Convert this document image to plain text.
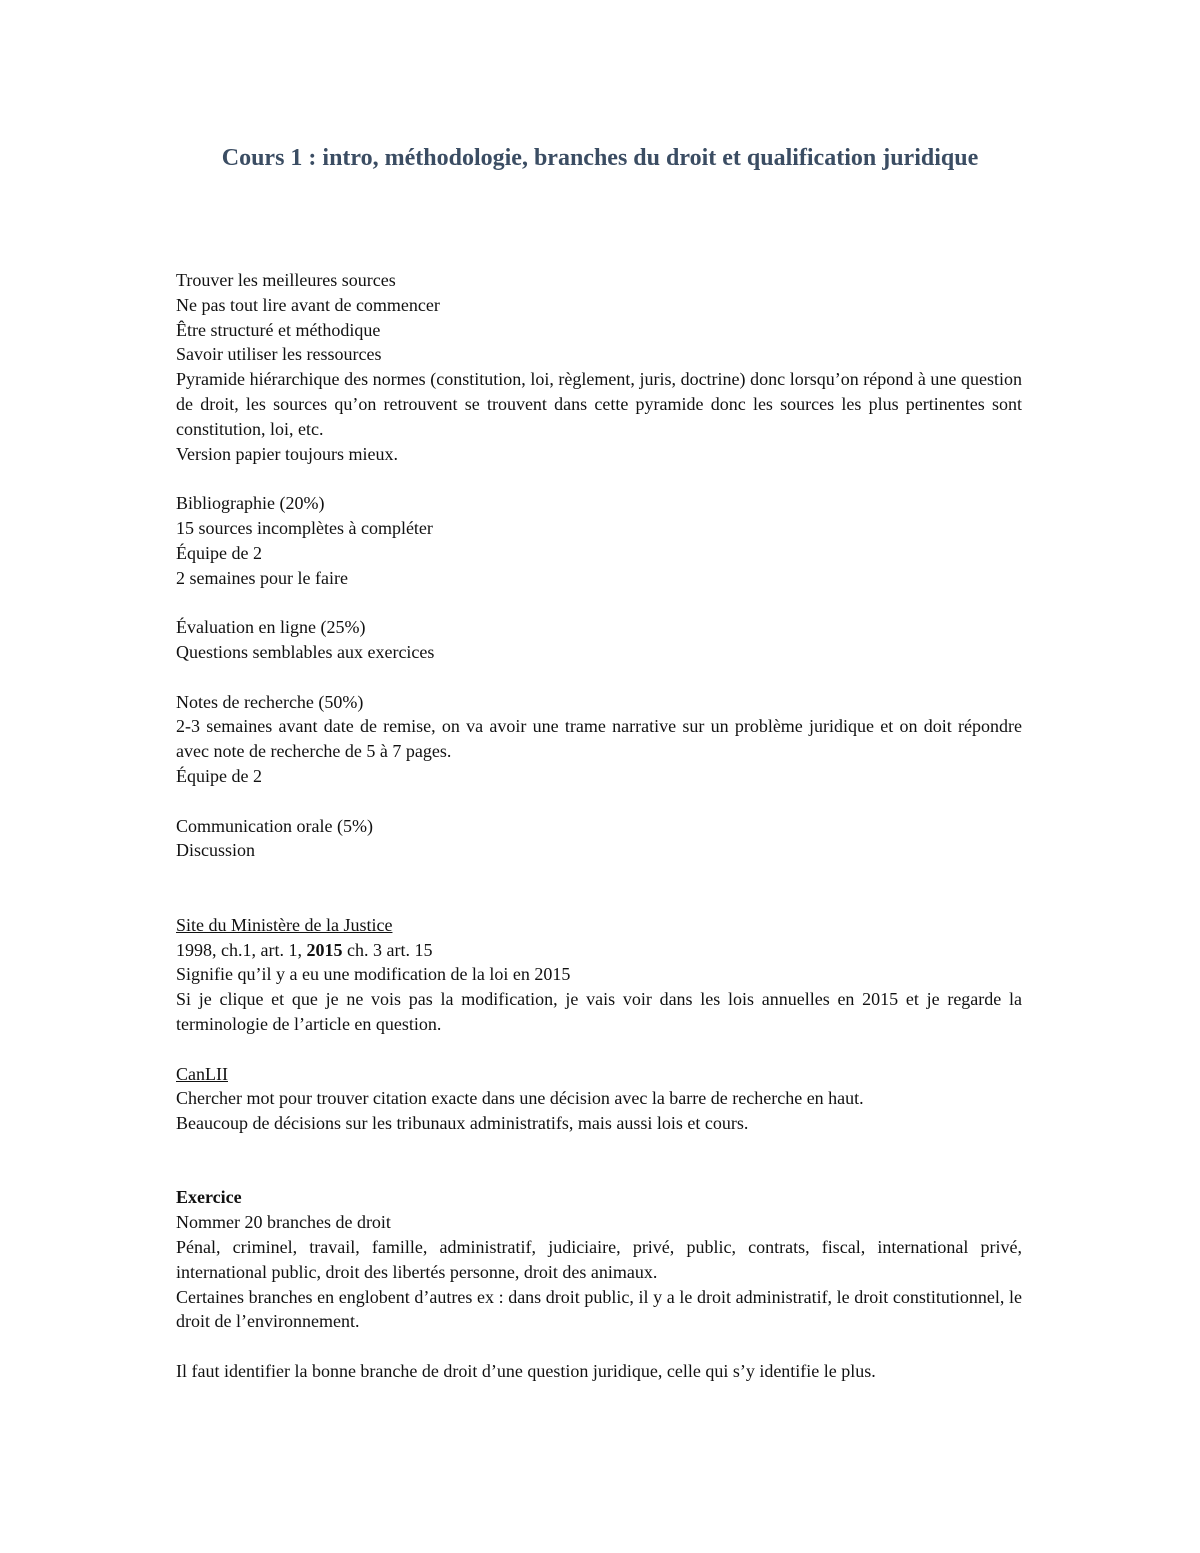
Cours 1 : intro, méthodologie, branches du droit et qualification juridique

Trouver les meilleures sources

Ne pas tout lire avant de commencer

Être structuré et méthodique

Savoir utiliser les ressources

Pyramide hiérarchique des normes (constitution, loi, règlement, juris, doctrine) donc lorsqu’on répond à une question de droit, les sources qu’on retrouvent se trouvent dans cette pyramide donc les sources les plus pertinentes sont constitution, loi, etc.

Version papier toujours mieux.

Bibliographie (20%)

15 sources incomplètes à compléter

Équipe de 2

2 semaines pour le faire

Évaluation en ligne (25%)

Questions semblables aux exercices

Notes de recherche (50%)

2-3 semaines avant date de remise, on va avoir une trame narrative sur un problème juridique et on doit répondre avec note de recherche de 5 à 7 pages.

Équipe de 2

Communication orale (5%)

Discussion

Site du Ministère de la Justice

1998, ch.1, art. 1, 2015 ch. 3 art. 15

Signifie qu’il y a eu une modification de la loi en 2015

Si je clique et que je ne vois pas la modification, je vais voir dans les lois annuelles en 2015 et je regarde la terminologie de l’article en question.

CanLII

Chercher mot pour trouver citation exacte dans une décision avec la barre de recherche en haut.

Beaucoup de décisions sur les tribunaux administratifs, mais aussi lois et cours.

Exercice

Nommer 20 branches de droit

Pénal, criminel, travail, famille, administratif, judiciaire, privé, public, contrats, fiscal, international privé, international public, droit des libertés personne, droit des animaux.

Certaines branches en englobent d’autres ex : dans droit public, il y a le droit administratif, le droit constitutionnel, le droit de l’environnement.

Il faut identifier la bonne branche de droit d’une question juridique, celle qui s’y identifie le plus.
